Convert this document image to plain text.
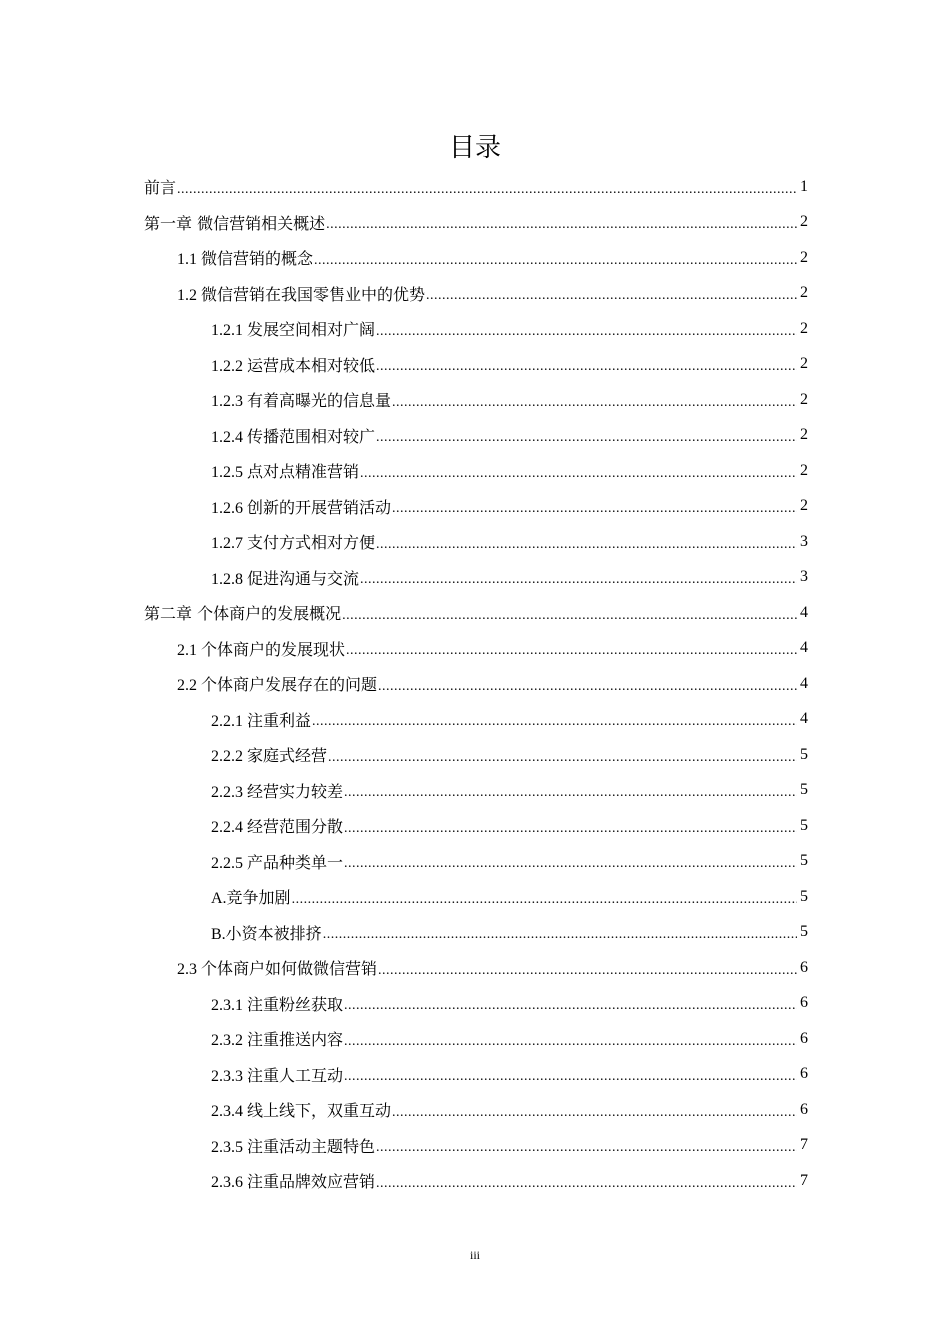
目录
前言 .....	1
第一章 微信营销相关概述 .....	2
1.1 微信营销的概念 .....	2
1.2 微信营销在我国零售业中的优势 .....	2
1.2.1 发展空间相对广阔 .....	2
1.2.2 运营成本相对较低 .....	2
1.2.3 有着高曝光的信息量 .....	2
1.2.4 传播范围相对较广 .....	2
1.2.5 点对点精准营销 .....	2
1.2.6 创新的开展营销活动 .....	2
1.2.7 支付方式相对方便 .....	3
1.2.8 促进沟通与交流 .....	3
第二章 个体商户的发展概况 .....	4
2.1 个体商户的发展现状 .....	4
2.2 个体商户发展存在的问题 .....	4
2.2.1 注重利益 .....	4
2.2.2 家庭式经营 .....	5
2.2.3 经营实力较差 .....	5
2.2.4 经营范围分散 .....	5
2.2.5 产品种类单一 .....	5
A.竞争加剧 .....	5
B.小资本被排挤 .....	5
2.3 个体商户如何做微信营销 .....	6
2.3.1 注重粉丝获取 .....	6
2.3.2 注重推送内容 .....	6
2.3.3 注重人工互动 .....	6
2.3.4 线上线下，双重互动 .....	6
2.3.5 注重活动主题特色 .....	7
2.3.6 注重品牌效应营销 .....	7
iii
